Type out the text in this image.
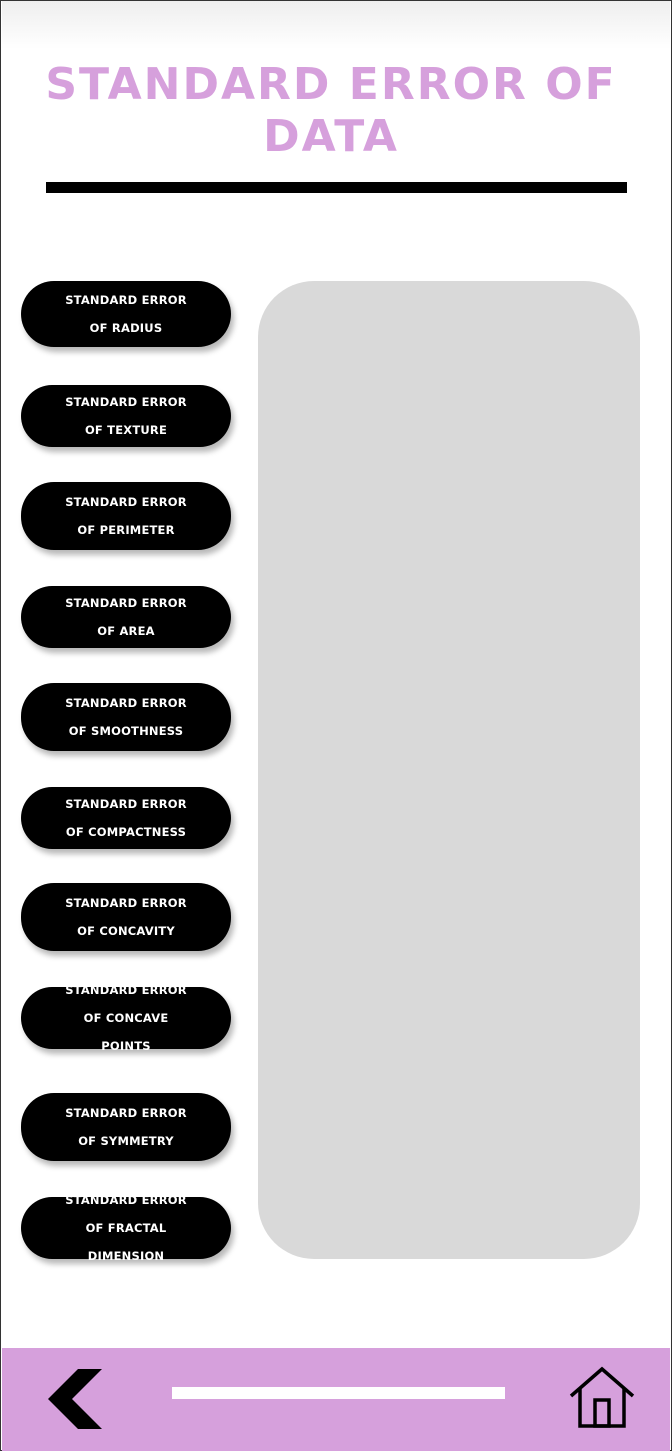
STANDARD ERROR OF
DATA
STANDARD ERROR

OF RADIUS
STANDARD ERROR

OF TEXTURE
STANDARD ERROR

OF PERIMETER
STANDARD ERROR

OF AREA
STANDARD ERROR

OF SMOOTHNESS
STANDARD ERROR

OF COMPACTNESS
STANDARD ERROR

OF CONCAVITY
STANDARD ERROR

OF CONCAVE

POINTS
STANDARD ERROR

OF SYMMETRY
STANDARD ERROR

OF FRACTAL

DIMENSION
